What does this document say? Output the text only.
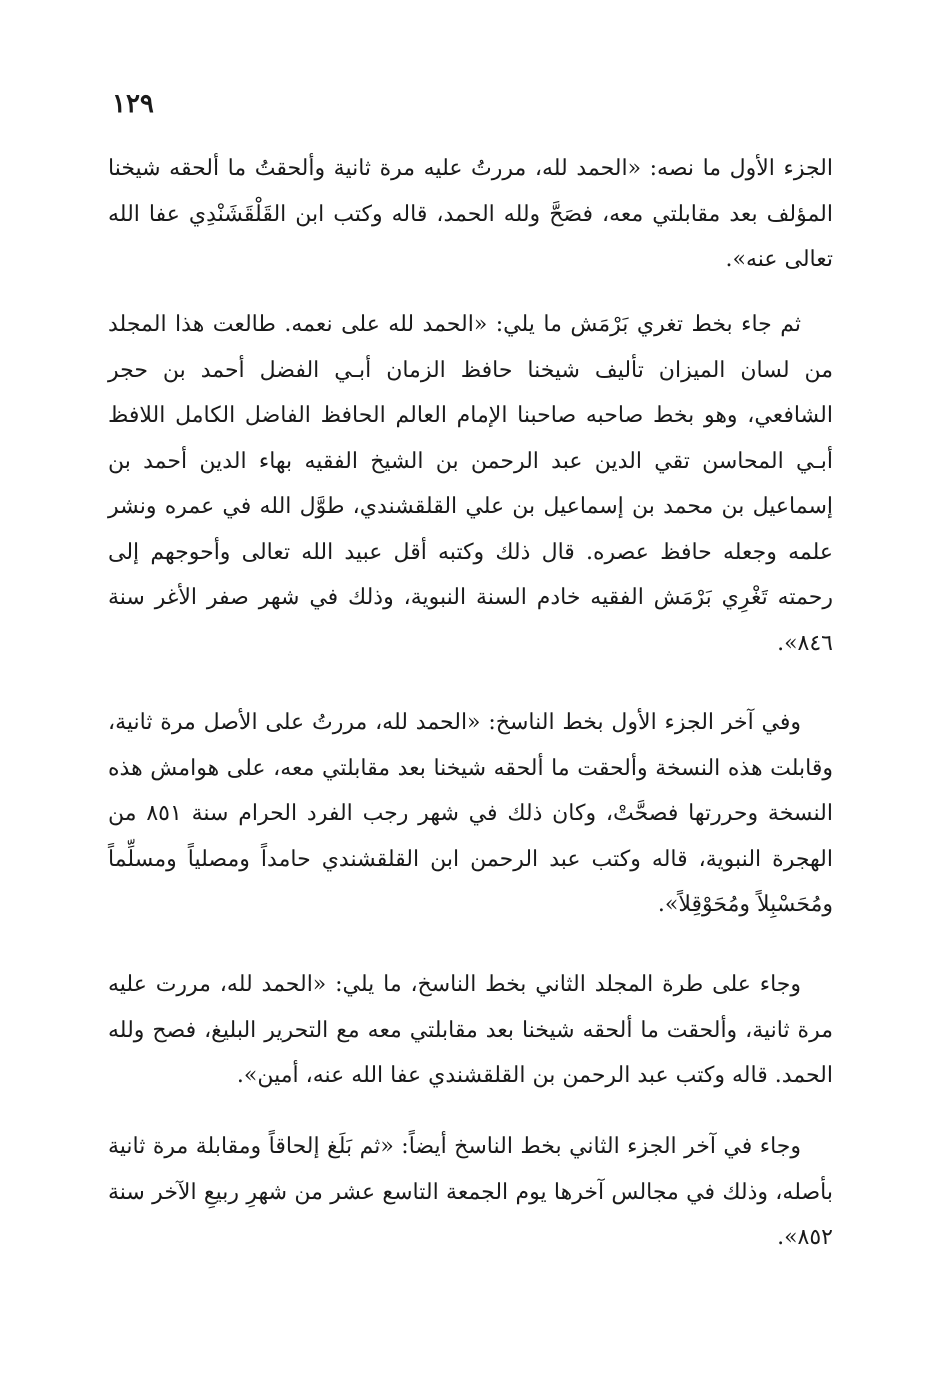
١٢٩

الجزء الأول ما نصه: «الحمد لله، مررتُ عليه مرة ثانية وألحقتُ ما ألحقه شيخنا المؤلف بعد مقابلتي معه، فصَحَّ ولله الحمد، قاله وكتب ابن القَلْقَشَنْدِي عفا الله تعالى عنه».

ثم جاء بخط تغري بَرْمَش ما يلي: «الحمد لله على نعمه. طالعت هذا المجلد من لسان الميزان تأليف شيخنا حافظ الزمان أبـي الفضل أحمد بن حجر الشافعي، وهو بخط صاحبه صاحبنا الإمام العالم الحافظ الفاضل الكامل اللافظ أبـي المحاسن تقي الدين عبد الرحمن بن الشيخ الفقيه بهاء الدين أحمد بن إسماعيل بن محمد بن إسماعيل بن علي القلقشندي، طوَّل الله في عمره ونشر علمه وجعله حافظ عصره. قال ذلك وكتبه أقل عبيد الله تعالى وأحوجهم إلى رحمته تَغْرِي بَرْمَش الفقيه خادم السنة النبوية، وذلك في شهر صفر الأغر سنة ٨٤٦».

وفي آخر الجزء الأول بخط الناسخ: «الحمد لله، مررتُ على الأصل مرة ثانية، وقابلت هذه النسخة وألحقت ما ألحقه شيخنا بعد مقابلتي معه، على هوامش هذه النسخة وحررتها فصحَّتْ، وكان ذلك في شهر رجب الفرد الحرام سنة ٨٥١ من الهجرة النبوية، قاله وكتب عبد الرحمن ابن القلقشندي حامداً ومصلياً ومسلِّماً ومُحَسْبِلاً ومُحَوْقِلاً».

وجاء على طرة المجلد الثاني بخط الناسخ، ما يلي: «الحمد لله، مررت عليه مرة ثانية، وألحقت ما ألحقه شيخنا بعد مقابلتي معه مع التحرير البليغ، فصح ولله الحمد. قاله وكتب عبد الرحمن بن القلقشندي عفا الله عنه، أمين».

وجاء في آخر الجزء الثاني بخط الناسخ أيضاً: «ثم بَلَغ إلحاقاً ومقابلة مرة ثانية بأصله، وذلك في مجالس آخرها يوم الجمعة التاسع عشر من شهرِ ربيعِ الآخر سنة ٨٥٢».
